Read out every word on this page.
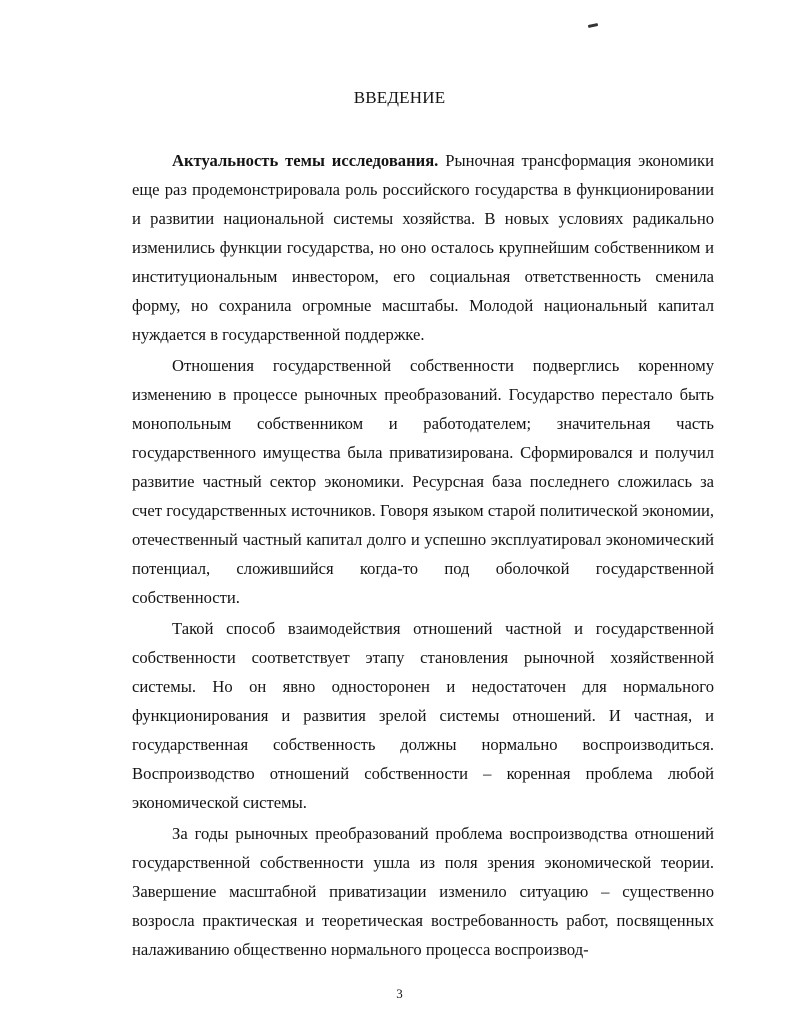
ВВЕДЕНИЕ

Актуальность темы исследования. Рыночная трансформация экономики еще раз продемонстрировала роль российского государства в функционировании и развитии национальной системы хозяйства. В новых условиях радикально изменились функции государства, но оно осталось крупнейшим собственником и институциональным инвестором, его социальная ответственность сменила форму, но сохранила огромные масштабы. Молодой национальный капитал нуждается в государственной поддержке.

Отношения государственной собственности подверглись коренному изменению в процессе рыночных преобразований. Государство перестало быть монопольным собственником и работодателем; значительная часть государственного имущества была приватизирована. Сформировался и получил развитие частный сектор экономики. Ресурсная база последнего сложилась за счет государственных источников. Говоря языком старой политической экономии, отечественный частный капитал долго и успешно эксплуатировал экономический потенциал, сложившийся когда-то под оболочкой государственной собственности.

Такой способ взаимодействия отношений частной и государственной собственности соответствует этапу становления рыночной хозяйственной системы. Но он явно односторонен и недостаточен для нормального функционирования и развития зрелой системы отношений. И частная, и государственная собственность должны нормально воспроизводиться. Воспроизводство отношений собственности – коренная проблема любой экономической системы.

За годы рыночных преобразований проблема воспроизводства отношений государственной собственности ушла из поля зрения экономической теории. Завершение масштабной приватизации изменило ситуацию – существенно возросла практическая и теоретическая востребованность работ, посвященных налаживанию общественно нормального процесса воспроизвод-

3
